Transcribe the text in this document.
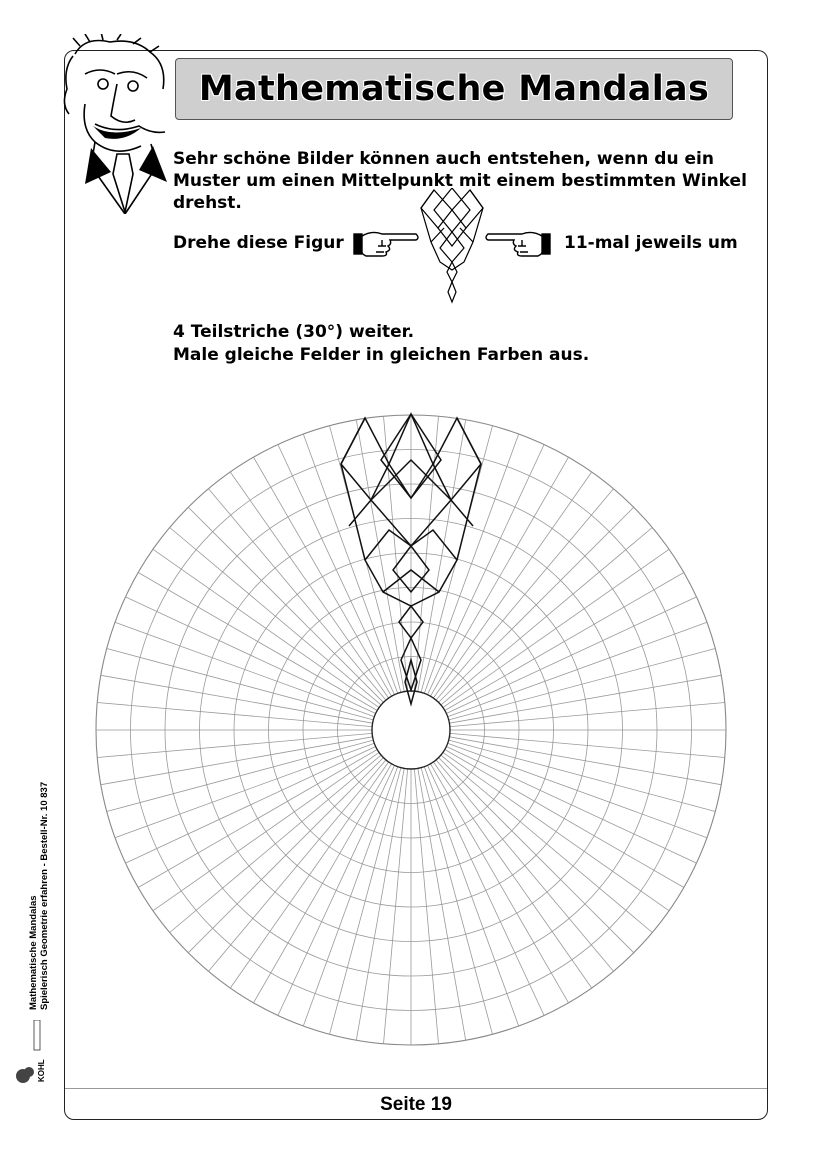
Mathematische Mandalas

Sehr schöne Bilder können auch entstehen, wenn du ein
Muster um einen Mittelpunkt mit einem bestimmten Winkel
drehst.

Drehe diese Figur	11-mal jeweils um
4 Teilstriche (30°) weiter.
Male gleiche Felder in gleichen Farben aus.
Mathematische Mandalas Spielerisch Geometrie erfahren - Bestell-Nr. 10 837
KOHL
Seite 19
